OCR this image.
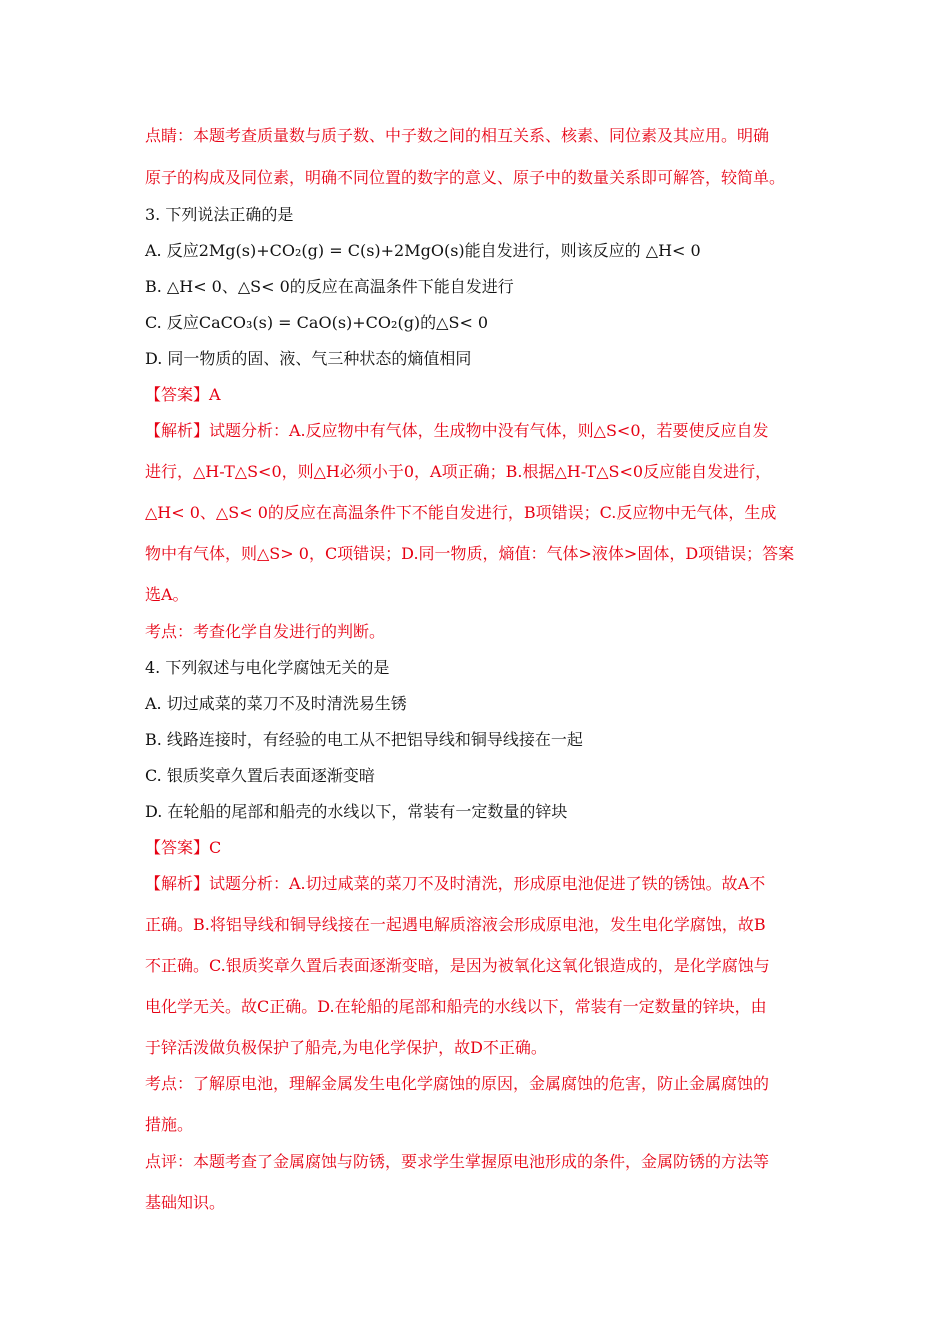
点睛：本题考查质量数与质子数、中子数之间的相互关系、核素、同位素及其应用。明确
原子的构成及同位素，明确不同位置的数字的意义、原子中的数量关系即可解答，较简单。
3. 下列说法正确的是
A. 反应2Mg(s)+CO₂(g) = C(s)+2MgO(s)能自发进行，则该反应的 △H< 0
B. △H< 0、△S< 0的反应在高温条件下能自发进行
C. 反应CaCO₃(s) = CaO(s)+CO₂(g)的△S< 0
D. 同一物质的固、液、气三种状态的熵值相同
【答案】A
【解析】试题分析：A.反应物中有气体，生成物中没有气体，则△S<0，若要使反应自发
进行，△H-T△S<0，则△H必须小于0，A项正确；B.根据△H-T△S<0反应能自发进行，
△H< 0、△S< 0的反应在高温条件下不能自发进行，B项错误；C.反应物中无气体，生成
物中有气体，则△S> 0，C项错误；D.同一物质，熵值：气体>液体>固体，D项错误；答案
选A。
考点：考查化学自发进行的判断。
4. 下列叙述与电化学腐蚀无关的是
A. 切过咸菜的菜刀不及时清洗易生锈
B. 线路连接时，有经验的电工从不把铝导线和铜导线接在一起
C. 银质奖章久置后表面逐渐变暗
D. 在轮船的尾部和船壳的水线以下，常装有一定数量的锌块
【答案】C
【解析】试题分析：A.切过咸菜的菜刀不及时清洗，形成原电池促进了铁的锈蚀。故A不
正确。B.将铝导线和铜导线接在一起遇电解质溶液会形成原电池，发生电化学腐蚀，故B
不正确。C.银质奖章久置后表面逐渐变暗，是因为被氧化这氧化银造成的，是化学腐蚀与
电化学无关。故C正确。D.在轮船的尾部和船壳的水线以下，常装有一定数量的锌块，由
于锌活泼做负极保护了船壳,为电化学保护，故D不正确。
考点：了解原电池，理解金属发生电化学腐蚀的原因，金属腐蚀的危害，防止金属腐蚀的
措施。
点评：本题考查了金属腐蚀与防锈，要求学生掌握原电池形成的条件，金属防锈的方法等
基础知识。
